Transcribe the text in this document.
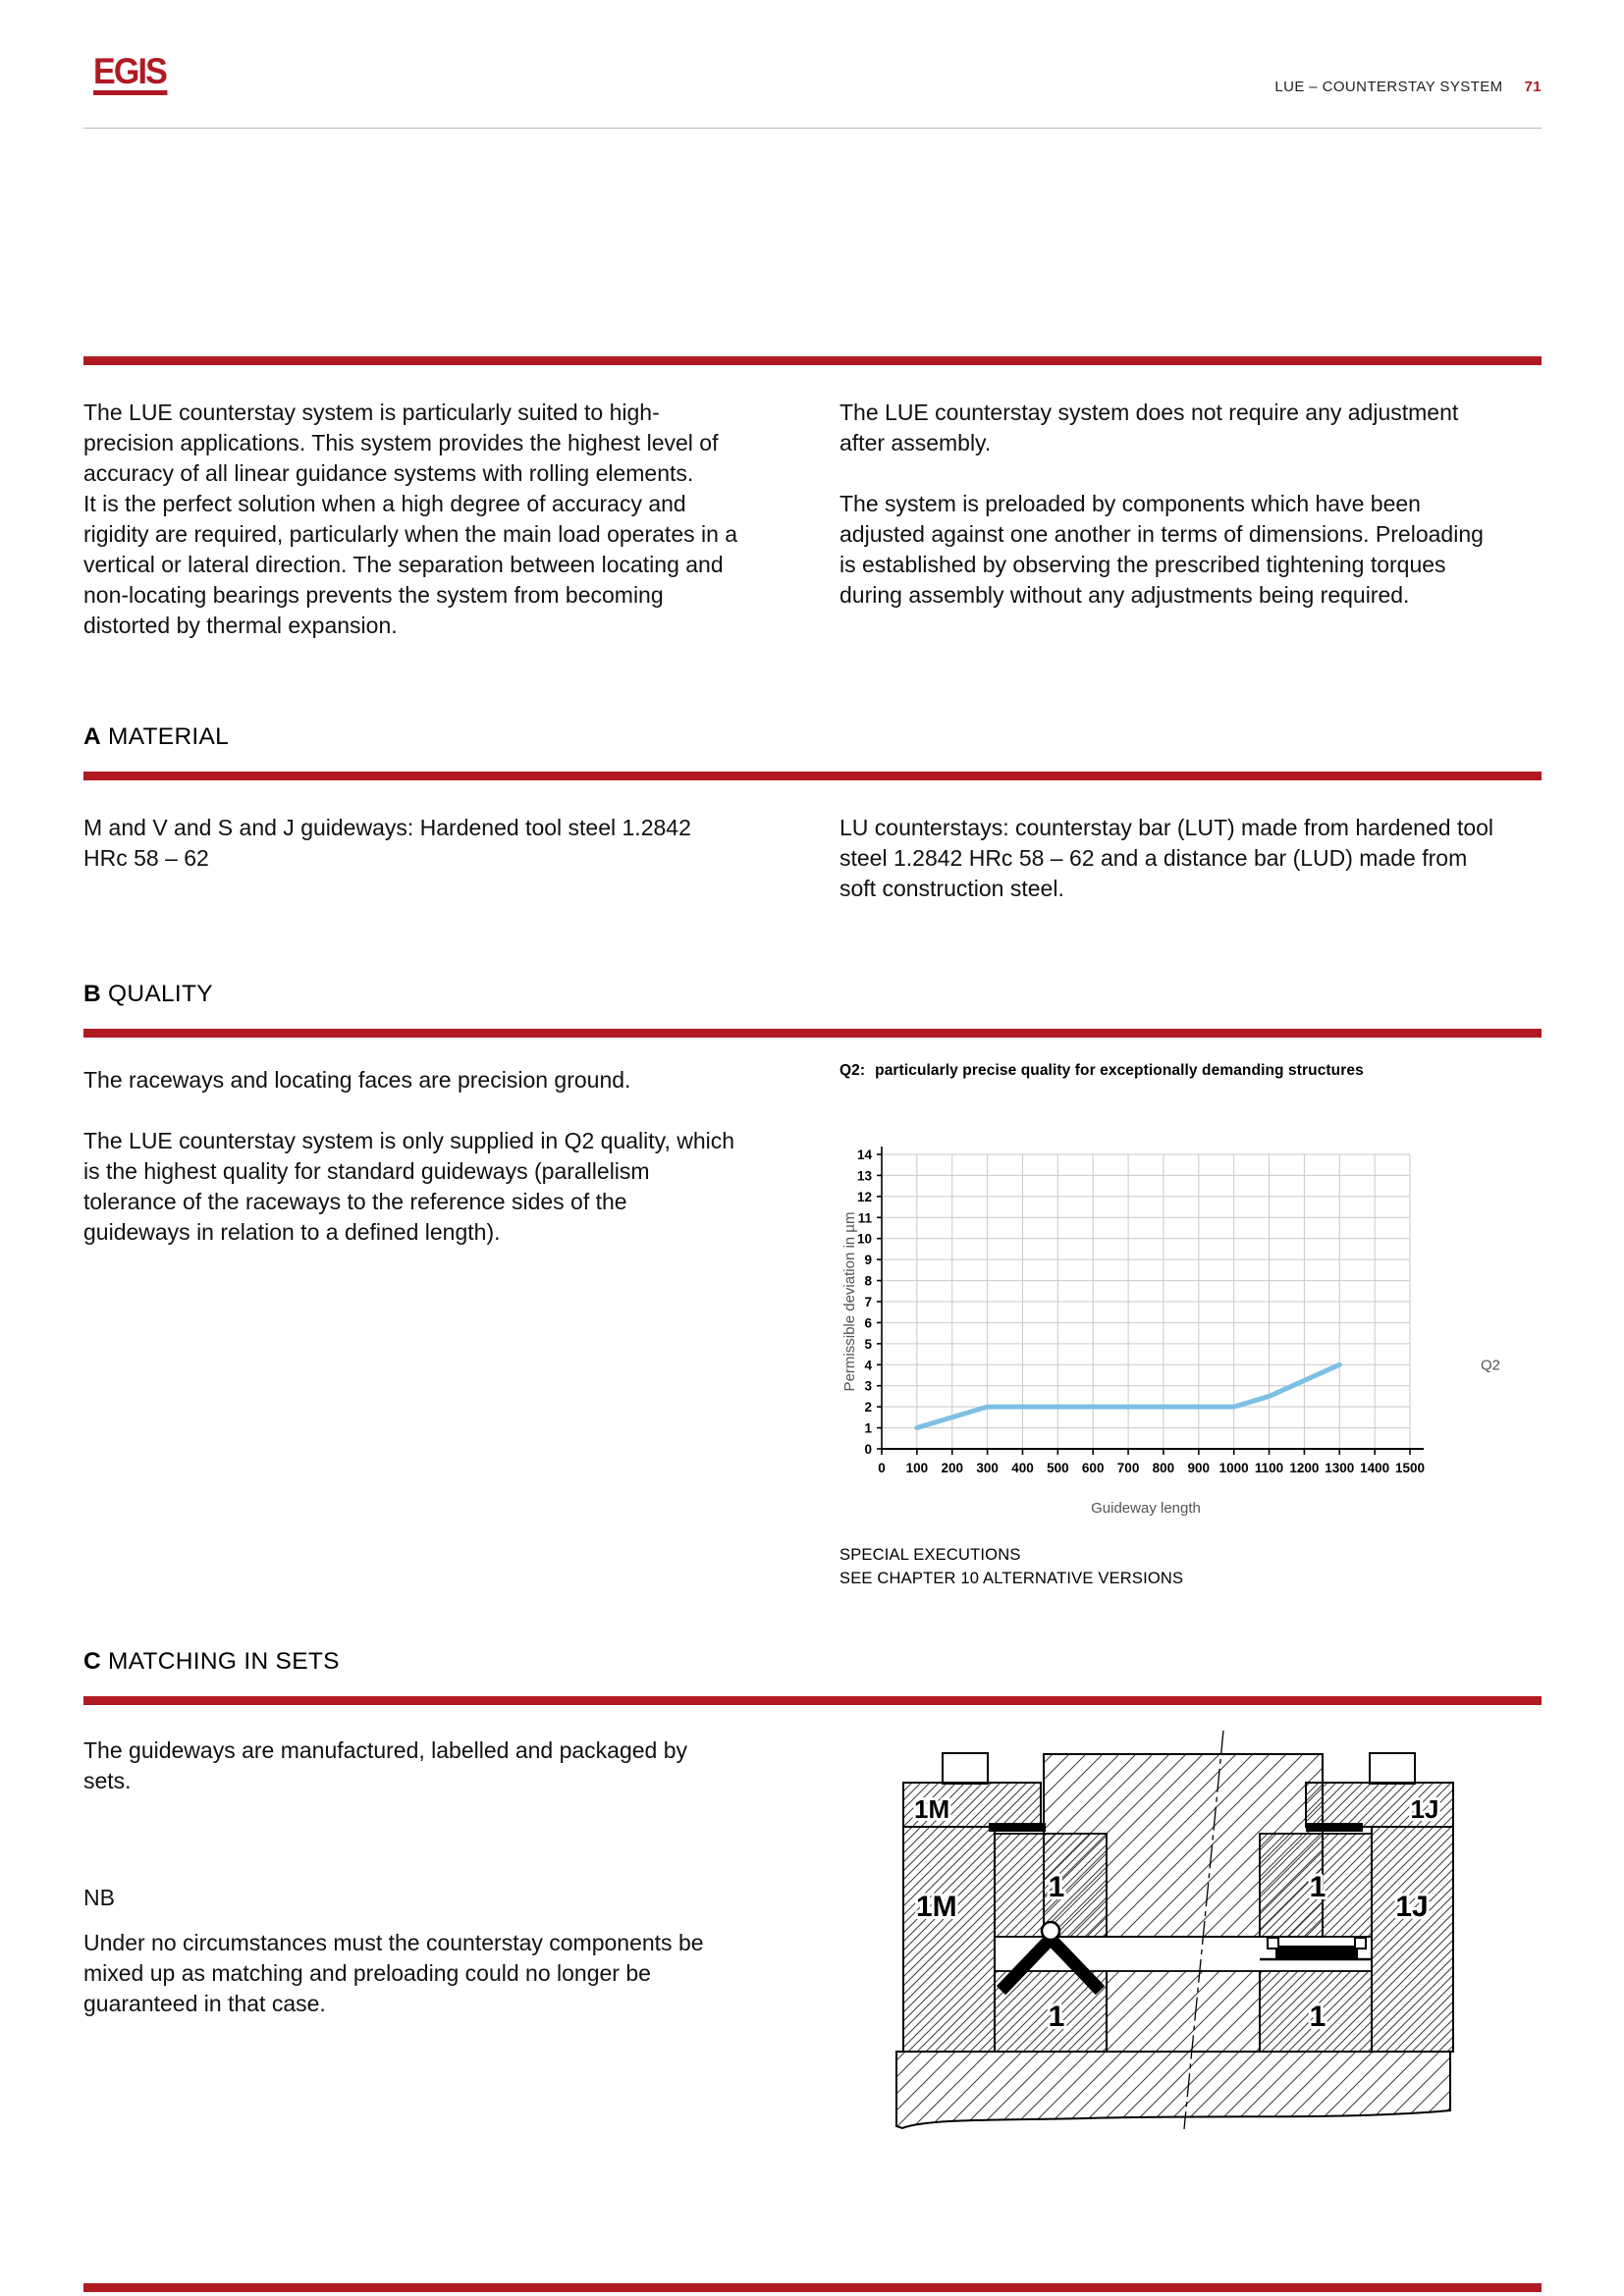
EGIS	LUE – COUNTERSTAY SYSTEM 71

The LUE counterstay system is particularly suited to high-precision applications. This system provides the highest level of accuracy of all linear guidance systems with rolling elements.

It is the perfect solution when a high degree of accuracy and rigidity are required, particularly when the main load operates in a vertical or lateral direction. The separation between locating and non-locating bearings prevents the system from becoming distorted by thermal expansion.

The LUE counterstay system does not require any adjustment after assembly.

The system is preloaded by components which have been adjusted against one another in terms of dimensions. Preloading is established by observing the prescribed tightening torques during assembly without any adjustments being required.

A MATERIAL

M and V and S and J guideways: Hardened tool steel 1.2842 HRc 58 – 62

LU counterstays: counterstay bar (LUT) made from hardened tool steel 1.2842 HRc 58 – 62 and a distance bar (LUD) made from soft construction steel.

B QUALITY

The raceways and locating faces are precision ground.

The LUE counterstay system is only supplied in Q2 quality, which is the highest quality for standard guideways (parallelism tolerance of the raceways to the reference sides of the guideways in relation to a defined length).

Q2: particularly precise quality for exceptionally demanding structures
0
1
2
3
4
5
6
7
8
9
10
11
12
13
14
0 100 200 300 400 500 600 700 800 900 1000 1100 1200 1300 1400 1500
Q2
Permissible deviation in µm
Guideway length
SPECIAL EXECUTIONS
SEE CHAPTER 10 ALTERNATIVE VERSIONS
C MATCHING IN SETS

The guideways are manufactured, labelled and packaged by sets.

NB

Under no circumstances must the counterstay components be mixed up as matching and preloading could no longer be guaranteed in that case.

1M
1M
1J
1J
1
1
1
1
